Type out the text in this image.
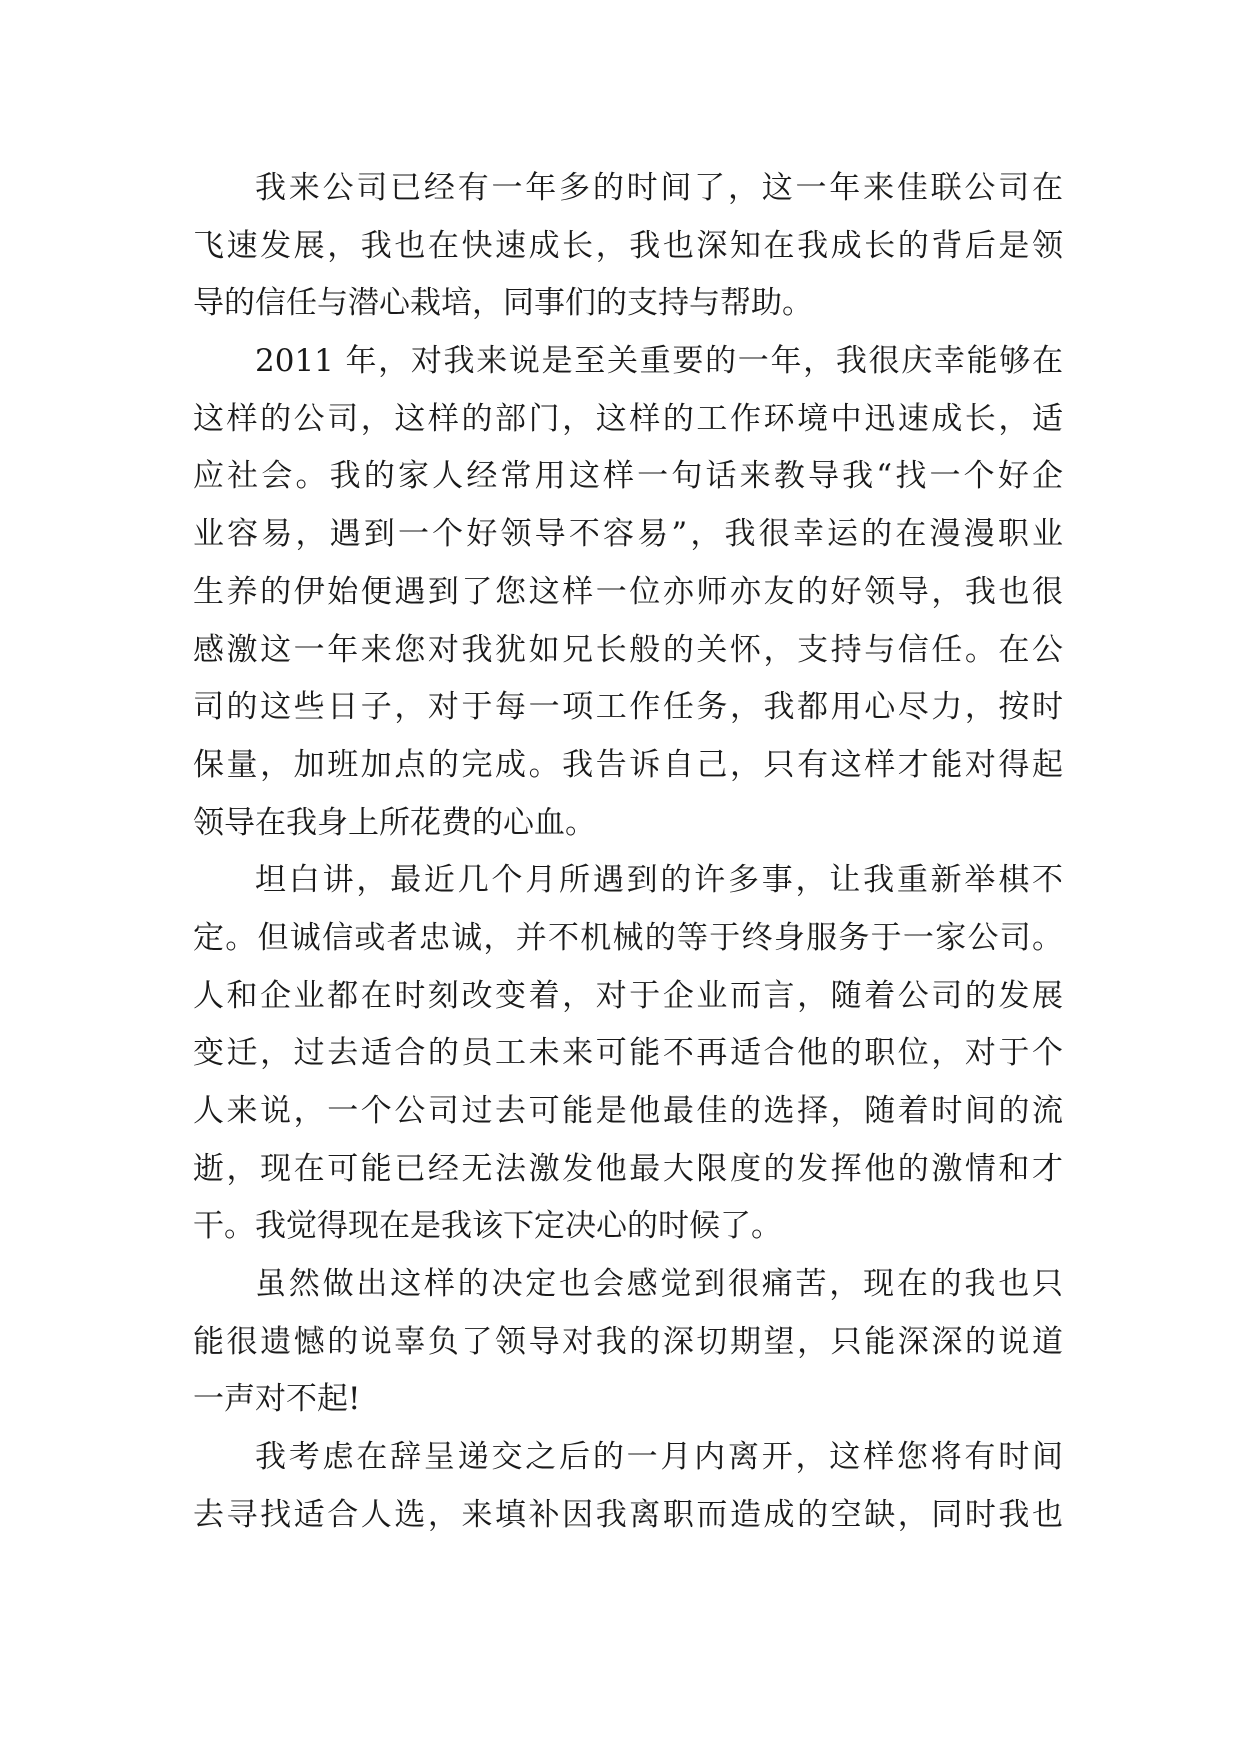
我来公司已经有一年多的时间了，这一年来佳联公司在
飞速发展，我也在快速成长，我也深知在我成长的背后是领
导的信任与潜心栽培，同事们的支持与帮助。
2011 年，对我来说是至关重要的一年，我很庆幸能够在
这样的公司，这样的部门，这样的工作环境中迅速成长，适
应社会。我的家人经常用这样一句话来教导我“找一个好企
业容易，遇到一个好领导不容易”，我很幸运的在漫漫职业
生养的伊始便遇到了您这样一位亦师亦友的好领导，我也很
感激这一年来您对我犹如兄长般的关怀，支持与信任。在公
司的这些日子，对于每一项工作任务，我都用心尽力，按时
保量，加班加点的完成。我告诉自己，只有这样才能对得起
领导在我身上所花费的心血。
坦白讲，最近几个月所遇到的许多事，让我重新举棋不
定。但诚信或者忠诚，并不机械的等于终身服务于一家公司。
人和企业都在时刻改变着，对于企业而言，随着公司的发展
变迁，过去适合的员工未来可能不再适合他的职位，对于个
人来说，一个公司过去可能是他最佳的选择，随着时间的流
逝，现在可能已经无法激发他最大限度的发挥他的激情和才
干。我觉得现在是我该下定决心的时候了。
虽然做出这样的决定也会感觉到很痛苦，现在的我也只
能很遗憾的说辜负了领导对我的深切期望，只能深深的说道
一声对不起!
我考虑在辞呈递交之后的一月内离开，这样您将有时间
去寻找适合人选，来填补因我离职而造成的空缺，同时我也
